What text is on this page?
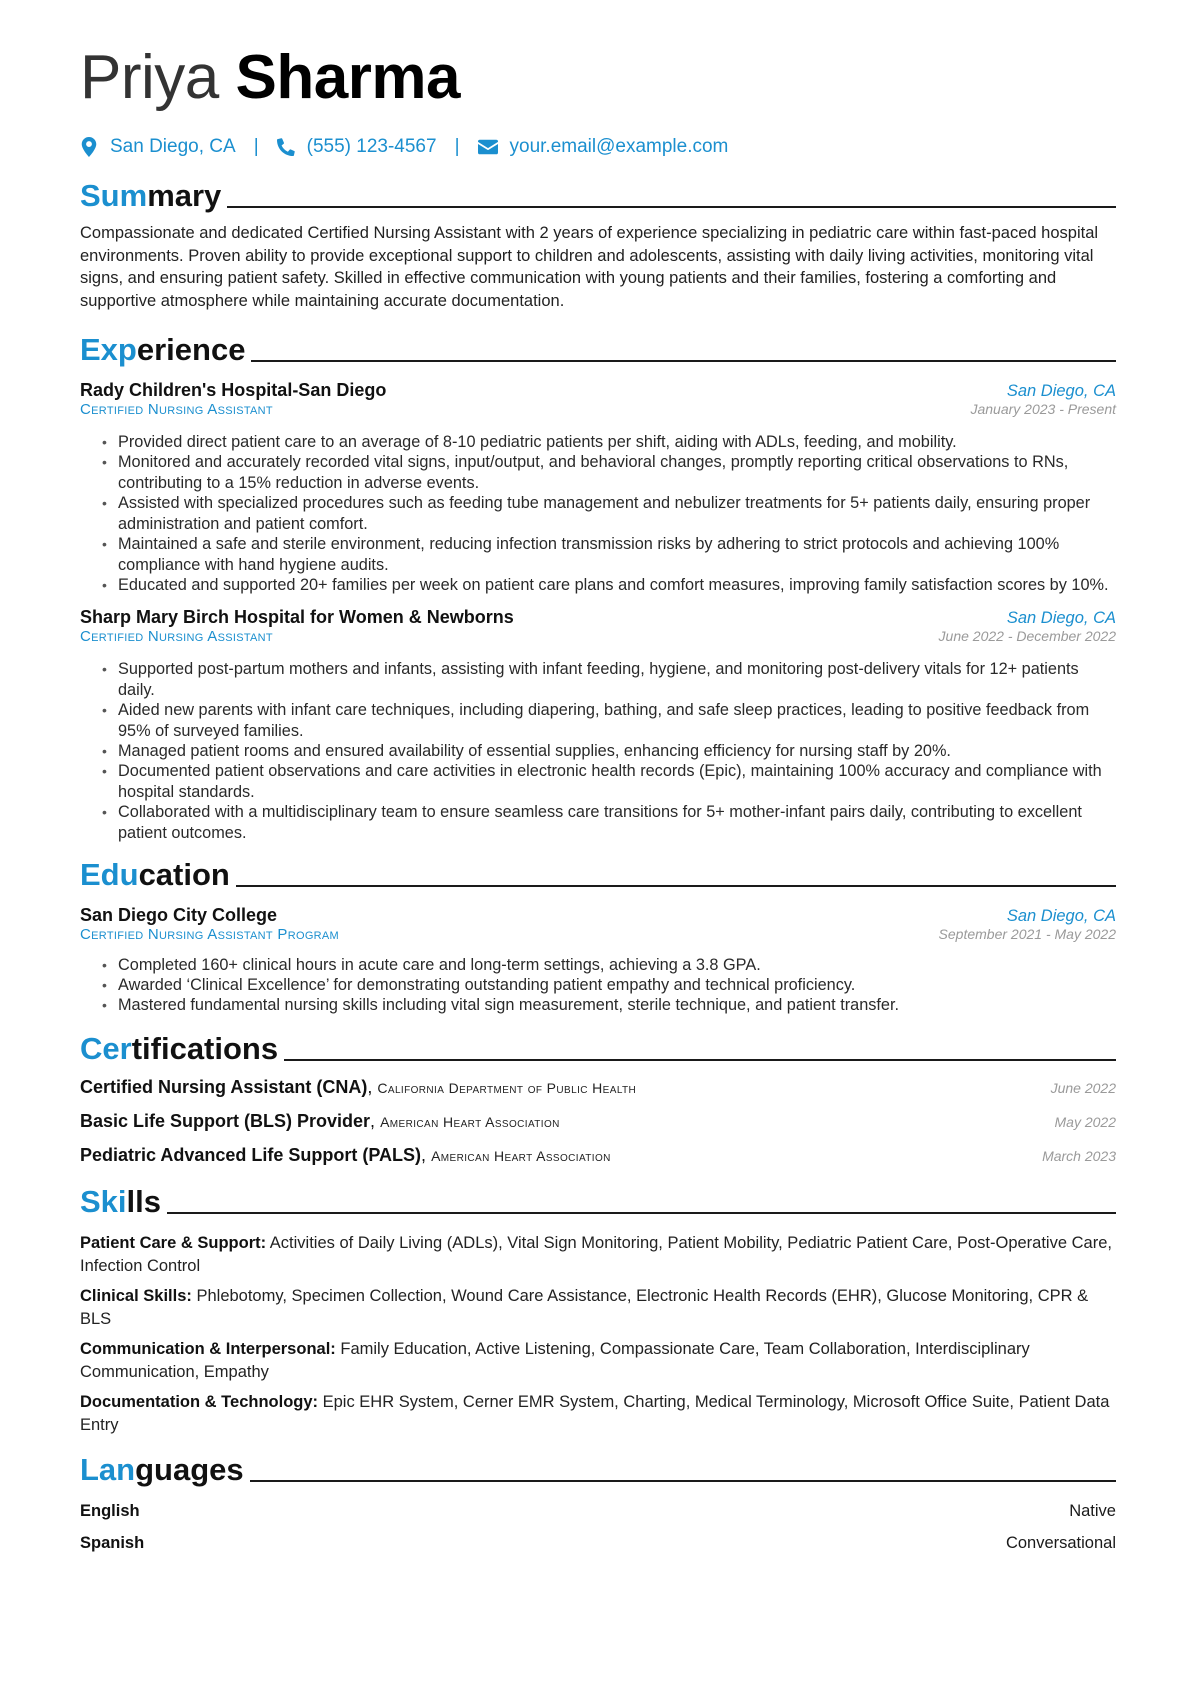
Priya Sharma
San Diego, CA |	(555) 123-4567 |	your.email@example.com
Summary
Compassionate and dedicated Certified Nursing Assistant with 2 years of experience specializing in pediatric care within fast-paced hospital environments. Proven ability to provide exceptional support to children and adolescents, assisting with daily living activities, monitoring vital signs, and ensuring patient safety. Skilled in effective communication with young patients and their families, fostering a comforting and supportive atmosphere while maintaining accurate documentation.
Experience
Rady Children's Hospital-San Diego	San Diego, CA
Certified Nursing Assistant	January 2023 - Present
• Provided direct patient care to an average of 8-10 pediatric patients per shift, aiding with ADLs, feeding, and mobility.
• Monitored and accurately recorded vital signs, input/output, and behavioral changes, promptly reporting critical observations to RNs, contributing to a 15% reduction in adverse events.
• Assisted with specialized procedures such as feeding tube management and nebulizer treatments for 5+ patients daily, ensuring proper administration and patient comfort.
• Maintained a safe and sterile environment, reducing infection transmission risks by adhering to strict protocols and achieving 100% compliance with hand hygiene audits.
• Educated and supported 20+ families per week on patient care plans and comfort measures, improving family satisfaction scores by 10%.
Sharp Mary Birch Hospital for Women & Newborns	San Diego, CA
Certified Nursing Assistant	June 2022 - December 2022
• Supported post-partum mothers and infants, assisting with infant feeding, hygiene, and monitoring post-delivery vitals for 12+ patients daily.
• Aided new parents with infant care techniques, including diapering, bathing, and safe sleep practices, leading to positive feedback from 95% of surveyed families.
• Managed patient rooms and ensured availability of essential supplies, enhancing efficiency for nursing staff by 20%.
• Documented patient observations and care activities in electronic health records (Epic), maintaining 100% accuracy and compliance with hospital standards.
• Collaborated with a multidisciplinary team to ensure seamless care transitions for 5+ mother-infant pairs daily, contributing to excellent patient outcomes.
Education
San Diego City College	San Diego, CA
Certified Nursing Assistant Program	September 2021 - May 2022
• Completed 160+ clinical hours in acute care and long-term settings, achieving a 3.8 GPA.
• Awarded ‘Clinical Excellence’ for demonstrating outstanding patient empathy and technical proficiency.
• Mastered fundamental nursing skills including vital sign measurement, sterile technique, and patient transfer.
Certifications
Certified Nursing Assistant (CNA), California Department of Public Health	June 2022
Basic Life Support (BLS) Provider, American Heart Association	May 2022
Pediatric Advanced Life Support (PALS), American Heart Association	March 2023
Skills
Patient Care & Support: Activities of Daily Living (ADLs), Vital Sign Monitoring, Patient Mobility, Pediatric Patient Care, Post-Operative Care, Infection Control
Clinical Skills: Phlebotomy, Specimen Collection, Wound Care Assistance, Electronic Health Records (EHR), Glucose Monitoring, CPR & BLS
Communication & Interpersonal: Family Education, Active Listening, Compassionate Care, Team Collaboration, Interdisciplinary Communication, Empathy
Documentation & Technology: Epic EHR System, Cerner EMR System, Charting, Medical Terminology, Microsoft Office Suite, Patient Data Entry
Languages
English	Native
Spanish	Conversational
